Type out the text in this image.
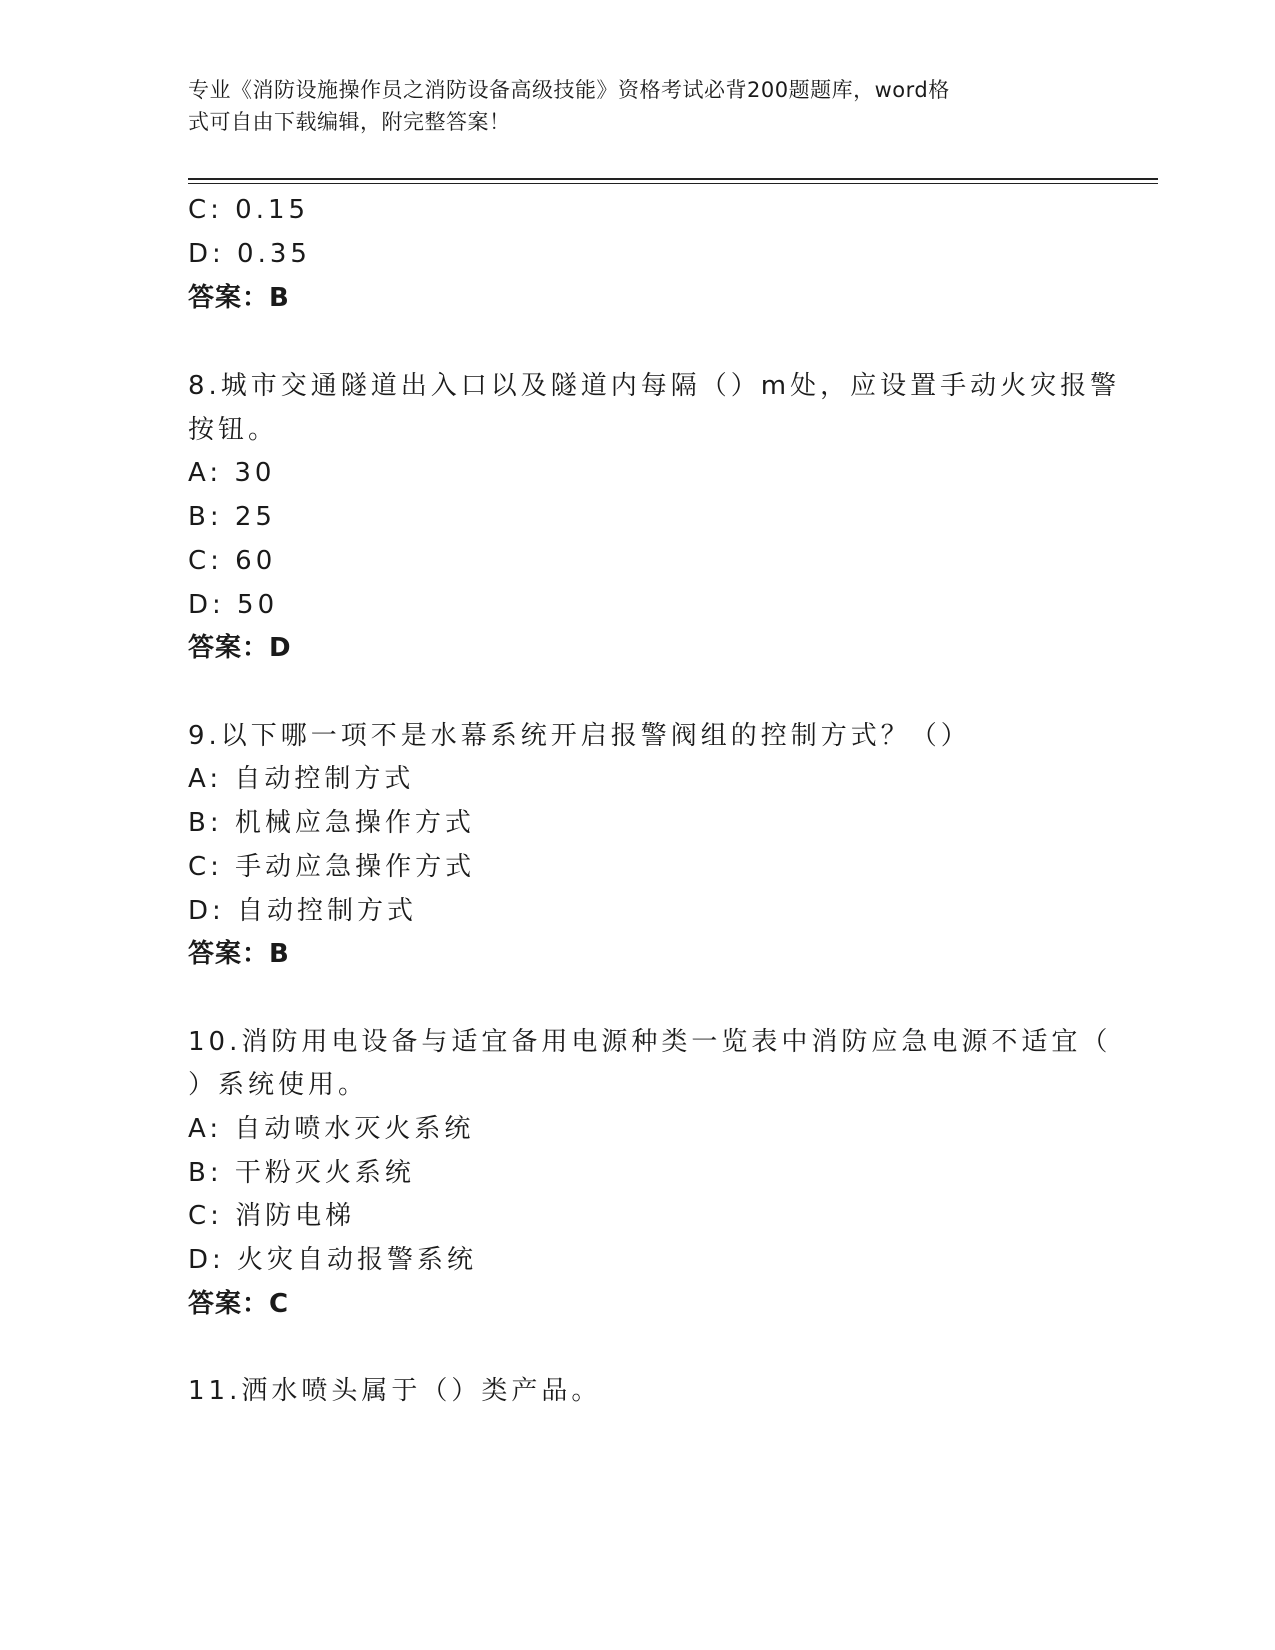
专业《消防设施操作员之消防设备高级技能》资格考试必背200题题库，word格
式可自由下载编辑，附完整答案！
C: 0.15
D: 0.35
答案：B
8.城市交通隧道出入口以及隧道内每隔（）m处，应设置手动火灾报警
按钮。
A: 30
B: 25
C: 60
D: 50
答案：D
9.以下哪一项不是水幕系统开启报警阀组的控制方式？（）
A: 自动控制方式
B: 机械应急操作方式
C: 手动应急操作方式
D: 自动控制方式
答案：B
10.消防用电设备与适宜备用电源种类一览表中消防应急电源不适宜（
）系统使用。
A: 自动喷水灭火系统
B: 干粉灭火系统
C: 消防电梯
D: 火灾自动报警系统
答案：C
11.洒水喷头属于（）类产品。
